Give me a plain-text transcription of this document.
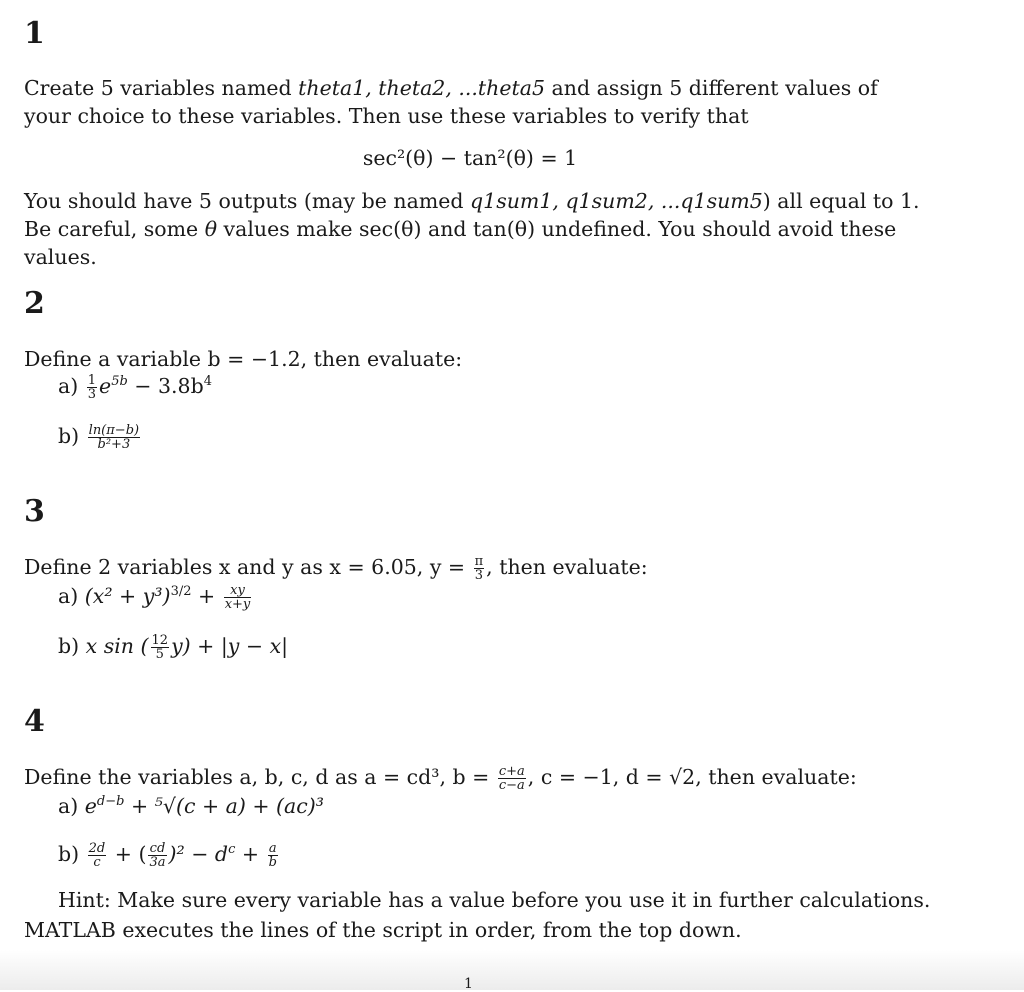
1
Create 5 variables named theta1, theta2, ...theta5 and assign 5 different values of your choice to these variables. Then use these variables to verify that
sec²(θ) − tan²(θ) = 1
You should have 5 outputs (may be named q1sum1, q1sum2, ...q1sum5) all equal to 1. Be careful, some θ values make sec(θ) and tan(θ) undefined. You should avoid these values.
2
Define a variable b = −1.2, then evaluate:
$a) \frac{1}{3} e^{5b} - 3.8b^4$
$b) \frac{\ln(\pi-b)}{\text{b²+3}}$
3
Define 2 variables x and y as x = 6.05, $y = \frac{\pi}{3}$ , then evaluate:
a) $(x^2 + y^3)^{3/2} + \frac{xy}{x+y}$
b) x sin ( $\frac{12}{5} y) + |y - x|$
4
Define the variables a, b, c, d as a = cd³, $b = \frac{c+a}{c-a}$ , c = −1, d = √2, then evaluate:
a) $e^{d-b} + ^5√(c + a) + (ac)^3$
$b) \frac{2d}{c}$ + ( $\frac{cd}{3a} )^2 - d^c + \frac{a}{b}$
Hint: Make sure every variable has a value before you use it in further calculations.
MATLAB executes the lines of the script in order, from the top down.
1
